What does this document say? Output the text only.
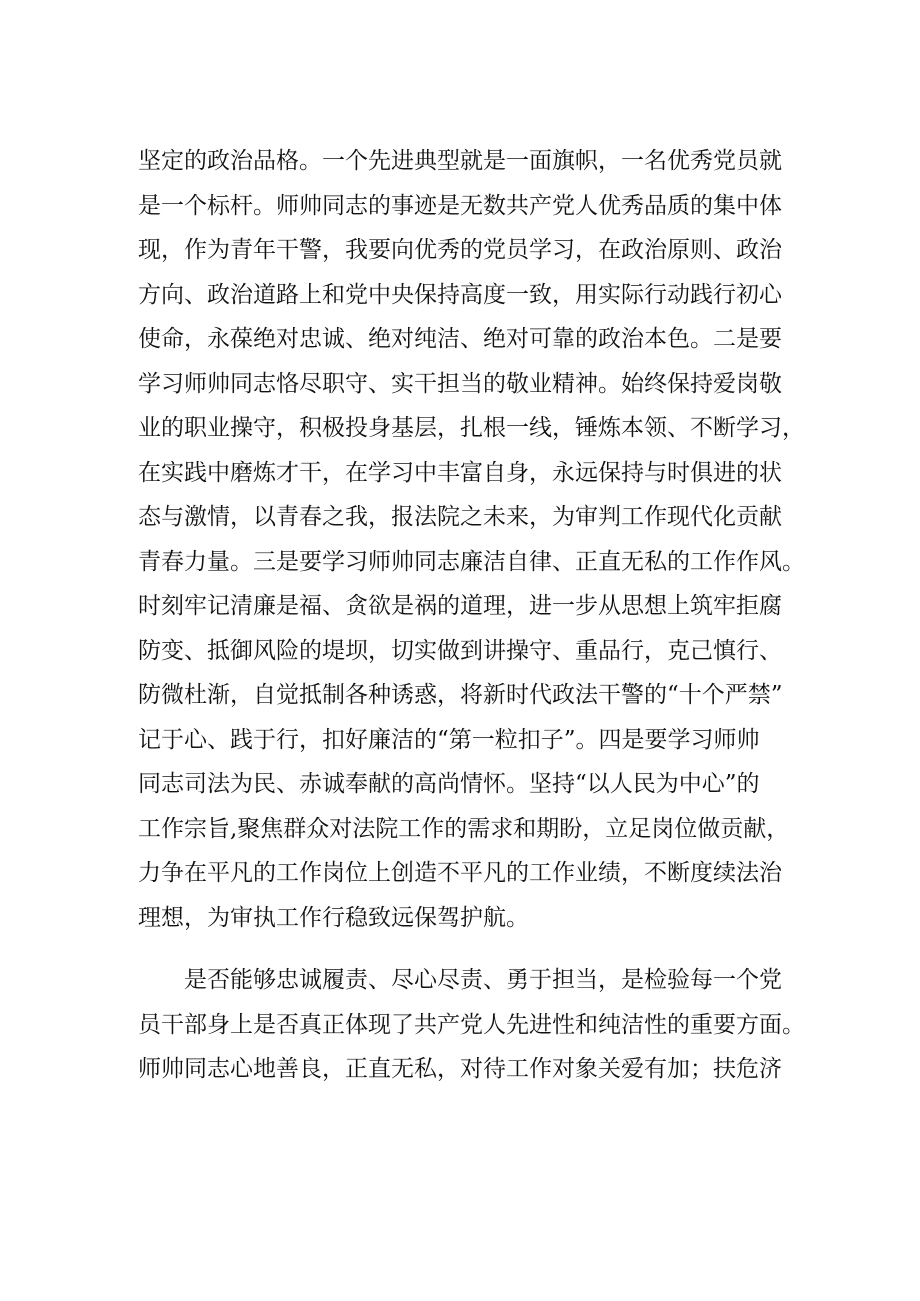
坚定的政治品格。一个先进典型就是一面旗帜，一名优秀党员就
是一个标杆。师帅同志的事迹是无数共产党人优秀品质的集中体
现，作为青年干警，我要向优秀的党员学习，在政治原则、政治
方向、政治道路上和党中央保持高度一致，用实际行动践行初心
使命，永葆绝对忠诚、绝对纯洁、绝对可靠的政治本色。二是要
学习师帅同志恪尽职守、实干担当的敬业精神。始终保持爱岗敬
业的职业操守，积极投身基层，扎根一线，锤炼本领、不断学习，
在实践中磨炼才干，在学习中丰富自身，永远保持与时俱进的状
态与激情，以青春之我，报法院之未来，为审判工作现代化贡献
青春力量。三是要学习师帅同志廉洁自律、正直无私的工作作风。
时刻牢记清廉是福、贪欲是祸的道理，进一步从思想上筑牢拒腐
防变、抵御风险的堤坝，切实做到讲操守、重品行，克己慎行、
防微杜渐，自觉抵制各种诱惑，将新时代政法干警的“十个严禁”
记于心、践于行，扣好廉洁的“第一粒扣子”。四是要学习师帅
同志司法为民、赤诚奉献的高尚情怀。坚持“以人民为中心”的
工作宗旨,聚焦群众对法院工作的需求和期盼，立足岗位做贡献，
力争在平凡的工作岗位上创造不平凡的工作业绩，不断度续法治
理想，为审执工作行稳致远保驾护航。
是否能够忠诚履责、尽心尽责、勇于担当，是检验每一个党
员干部身上是否真正体现了共产党人先进性和纯洁性的重要方面。
师帅同志心地善良，正直无私，对待工作对象关爱有加；扶危济
